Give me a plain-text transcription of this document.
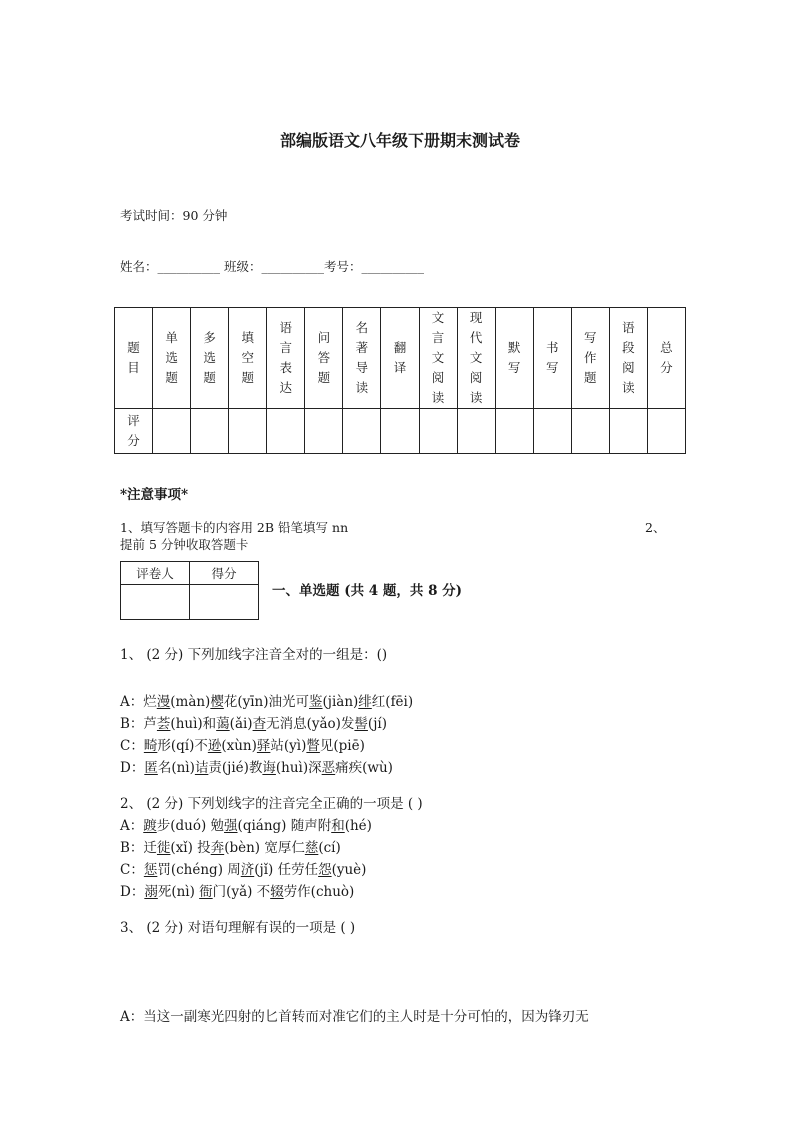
部编版语文八年级下册期末测试卷
考试时间：90 分钟
姓名：__________ 班级：__________考号：__________
题目	单选题	多选题	填空题	语言表达	问答题	名著导读	翻译	文言文阅读	现代文阅读	默写	书写	写作题	语段阅读	总分
评分														
*注意事项*
1、填写答题卡的内容用 2B 铅笔填写 nn	2、
提前 5 分钟收取答题卡
评卷人	得分

一、单选题 (共 4 题，共 8 分)
1、 (2 分) 下列加线字注音全对的一组是：()
A：烂漫(màn)樱花(yīn)油光可鉴(jiàn)绯红(fēi)
B：芦荟(huì)和蔼(ǎi)杳无消息(yǎo)发髻(jí)
C：畸形(qí)不逊(xùn)驿站(yì)瞥见(piē)
D：匿名(nì)诘责(jié)教诲(huì)深恶痛疾(wù)
2、 (2 分) 下列划线字的注音完全正确的一项是 ( )
A：踱步(duó) 勉强(qiáng) 随声附和(hé)
B：迁徙(xǐ) 投奔(bèn) 宽厚仁慈(cí)
C：惩罚(chéng) 周济(jǐ) 任劳任怨(yuè)
D：溺死(nì) 衙门(yǎ) 不辍劳作(chuò)
3、 (2 分) 对语句理解有误的一项是 ( )
A：当这一副寒光四射的匕首转而对准它们的主人时是十分可怕的，因为锋刃无
